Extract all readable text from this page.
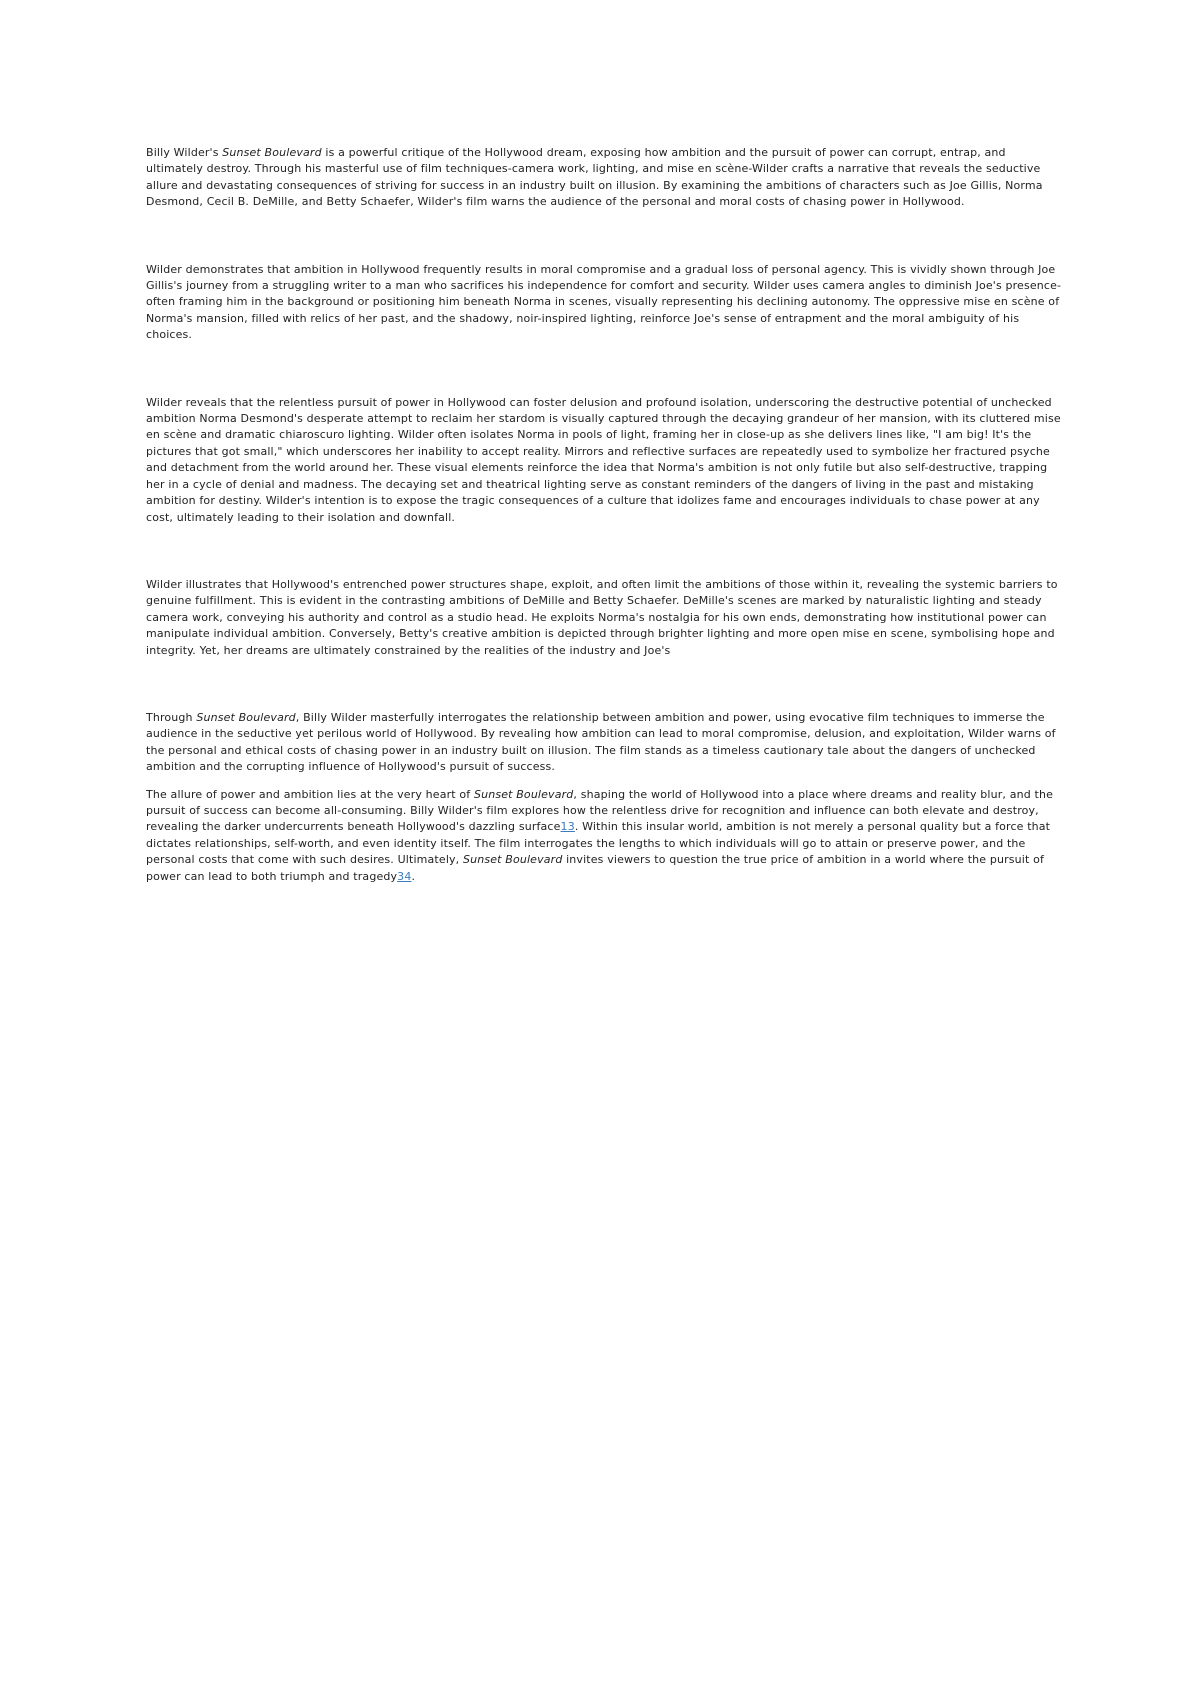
Billy Wilder's Sunset Boulevard is a powerful critique of the Hollywood dream, exposing how ambition and the pursuit of power can corrupt, entrap, and ultimately destroy. Through his masterful use of film techniques-camera work, lighting, and mise en scène-Wilder crafts a narrative that reveals the seductive allure and devastating consequences of striving for success in an industry built on illusion. By examining the ambitions of characters such as Joe Gillis, Norma Desmond, Cecil B. DeMille, and Betty Schaefer, Wilder's film warns the audience of the personal and moral costs of chasing power in Hollywood.

Wilder demonstrates that ambition in Hollywood frequently results in moral compromise and a gradual loss of personal agency. This is vividly shown through Joe Gillis's journey from a struggling writer to a man who sacrifices his independence for comfort and security. Wilder uses camera angles to diminish Joe's presence-often framing him in the background or positioning him beneath Norma in scenes, visually representing his declining autonomy. The oppressive mise en scène of Norma's mansion, filled with relics of her past, and the shadowy, noir-inspired lighting, reinforce Joe's sense of entrapment and the moral ambiguity of his choices.

Wilder reveals that the relentless pursuit of power in Hollywood can foster delusion and profound isolation, underscoring the destructive potential of unchecked ambition Norma Desmond's desperate attempt to reclaim her stardom is visually captured through the decaying grandeur of her mansion, with its cluttered mise en scène and dramatic chiaroscuro lighting. Wilder often isolates Norma in pools of light, framing her in close-up as she delivers lines like, "I am big! It's the pictures that got small," which underscores her inability to accept reality. Mirrors and reflective surfaces are repeatedly used to symbolize her fractured psyche and detachment from the world around her. These visual elements reinforce the idea that Norma's ambition is not only futile but also self-destructive, trapping her in a cycle of denial and madness. The decaying set and theatrical lighting serve as constant reminders of the dangers of living in the past and mistaking ambition for destiny. Wilder's intention is to expose the tragic consequences of a culture that idolizes fame and encourages individuals to chase power at any cost, ultimately leading to their isolation and downfall.

Wilder illustrates that Hollywood's entrenched power structures shape, exploit, and often limit the ambitions of those within it, revealing the systemic barriers to genuine fulfillment. This is evident in the contrasting ambitions of DeMille and Betty Schaefer. DeMille's scenes are marked by naturalistic lighting and steady camera work, conveying his authority and control as a studio head. He exploits Norma's nostalgia for his own ends, demonstrating how institutional power can manipulate individual ambition. Conversely, Betty's creative ambition is depicted through brighter lighting and more open mise en scene, symbolising hope and integrity. Yet, her dreams are ultimately constrained by the realities of the industry and Joe's

Through Sunset Boulevard, Billy Wilder masterfully interrogates the relationship between ambition and power, using evocative film techniques to immerse the audience in the seductive yet perilous world of Hollywood. By revealing how ambition can lead to moral compromise, delusion, and exploitation, Wilder warns of the personal and ethical costs of chasing power in an industry built on illusion. The film stands as a timeless cautionary tale about the dangers of unchecked ambition and the corrupting influence of Hollywood's pursuit of success.

The allure of power and ambition lies at the very heart of Sunset Boulevard, shaping the world of Hollywood into a place where dreams and reality blur, and the pursuit of success can become all-consuming. Billy Wilder's film explores how the relentless drive for recognition and influence can both elevate and destroy, revealing the darker undercurrents beneath Hollywood's dazzling surface13. Within this insular world, ambition is not merely a personal quality but a force that dictates relationships, self-worth, and even identity itself. The film interrogates the lengths to which individuals will go to attain or preserve power, and the personal costs that come with such desires. Ultimately, Sunset Boulevard invites viewers to question the true price of ambition in a world where the pursuit of power can lead to both triumph and tragedy34.
